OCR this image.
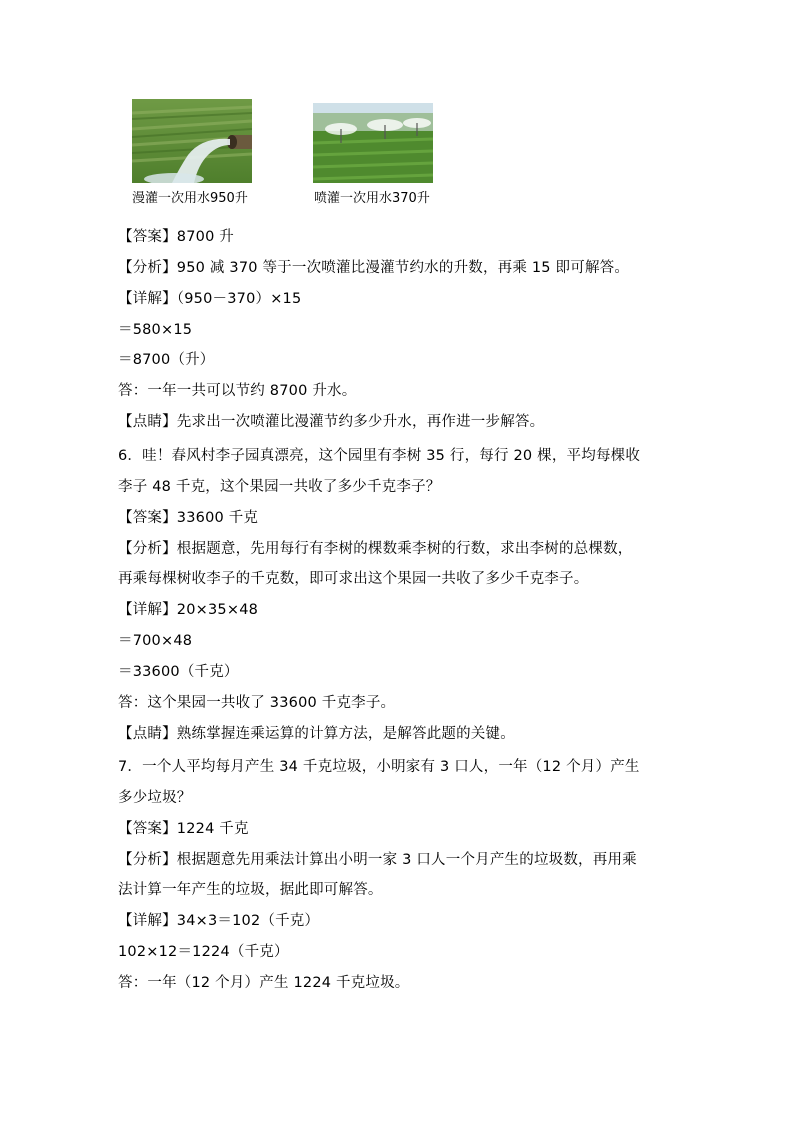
漫灌一次用水950升	喷灌一次用水370升
【答案】8700 升
【分析】950 减 370 等于一次喷灌比漫灌节约水的升数，再乘 15 即可解答。
【详解】（950－370）×15
＝580×15
＝8700（升）
答：一年一共可以节约 8700 升水。
【点睛】先求出一次喷灌比漫灌节约多少升水，再作进一步解答。
6．哇！春风村李子园真漂亮，这个园里有李树 35 行，每行 20 棵，平均每棵收
李子 48 千克，这个果园一共收了多少千克李子？
【答案】33600 千克
【分析】根据题意，先用每行有李树的棵数乘李树的行数，求出李树的总棵数，
再乘每棵树收李子的千克数，即可求出这个果园一共收了多少千克李子。
【详解】20×35×48
＝700×48
＝33600（千克）
答：这个果园一共收了 33600 千克李子。
【点睛】熟练掌握连乘运算的计算方法，是解答此题的关键。
7．一个人平均每月产生 34 千克垃圾，小明家有 3 口人，一年（12 个月）产生
多少垃圾？
【答案】1224 千克
【分析】根据题意先用乘法计算出小明一家 3 口人一个月产生的垃圾数，再用乘
法计算一年产生的垃圾，据此即可解答。
【详解】34×3＝102（千克）
102×12＝1224（千克）
答：一年（12 个月）产生 1224 千克垃圾。
